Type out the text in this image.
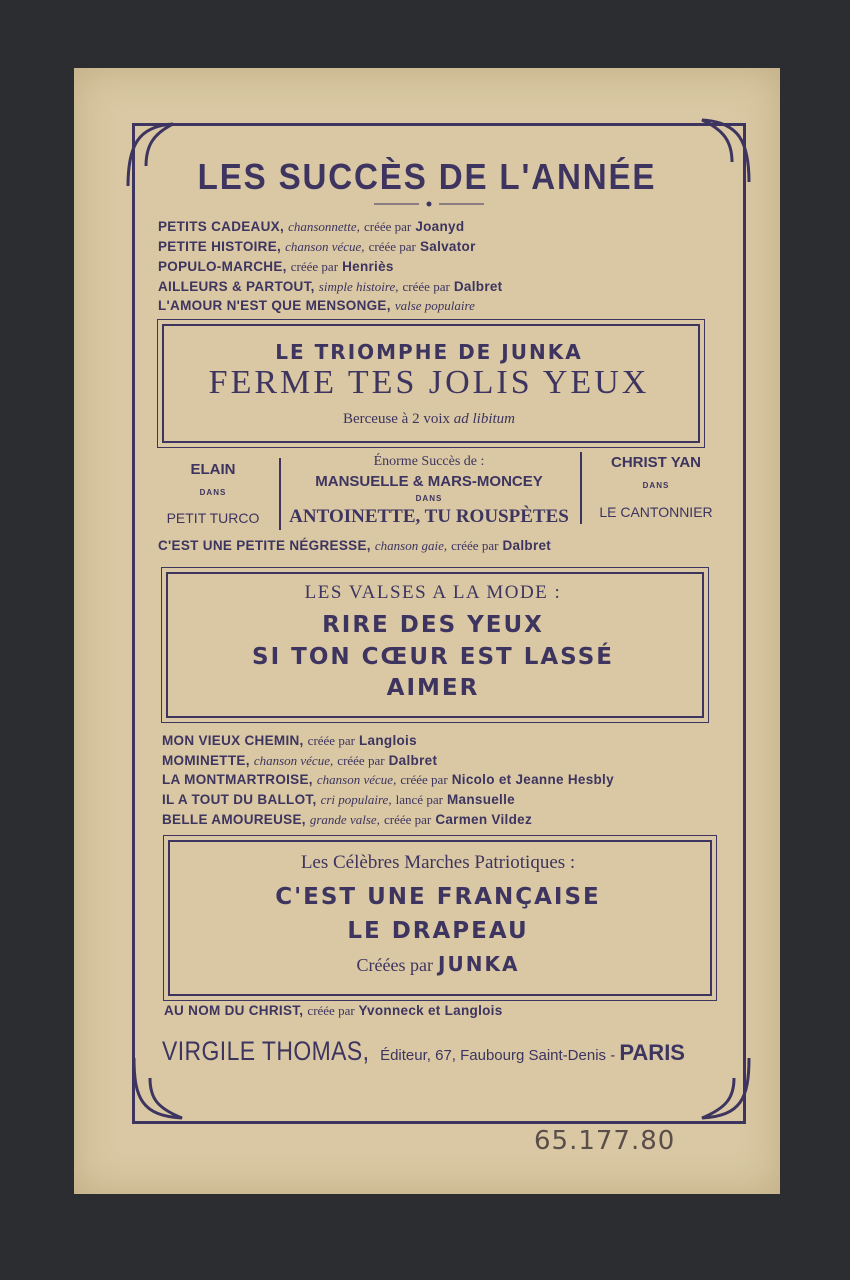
LES SUCCÈS DE L'ANNÉE
PETITS CADEAUX, chansonnette, créée par Joanyd
PETITE HISTOIRE, chanson vécue, créée par Salvator
POPULO-MARCHE, créée par Henriès
AILLEURS & PARTOUT, simple histoire, créée par Dalbret
L'AMOUR N'EST QUE MENSONGE, valse populaire
LE TRIOMPHE DE JUNKA
FERME TES JOLIS YEUX
Berceuse à 2 voix ad libitum
ELAIN
DANS
PETIT TURCO
Énorme Succès de :
MANSUELLE & MARS-MONCEY
DANS
ANTOINETTE, TU ROUSPÈTES
CHRIST YAN
DANS
LE CANTONNIER
C'EST UNE PETITE NÉGRESSE, chanson gaie, créée par Dalbret
LES VALSES A LA MODE :
RIRE DES YEUX
SI TON CŒUR EST LASSÉ
AIMER
MON VIEUX CHEMIN, créée par Langlois
MOMINETTE, chanson vécue, créée par Dalbret
LA MONTMARTROISE, chanson vécue, créée par Nicolo et Jeanne Hesbly
IL A TOUT DU BALLOT, cri populaire, lancé par Mansuelle
BELLE AMOUREUSE, grande valse, créée par Carmen Vildez
Les Célèbres Marches Patriotiques :
C'EST UNE FRANÇAISE
LE DRAPEAU
Créées par JUNKA
AU NOM DU CHRIST, créée par Yvonneck et Langlois
VIRGILE THOMAS, Éditeur, 67, Faubourg Saint-Denis - PARIS
65.177.80
